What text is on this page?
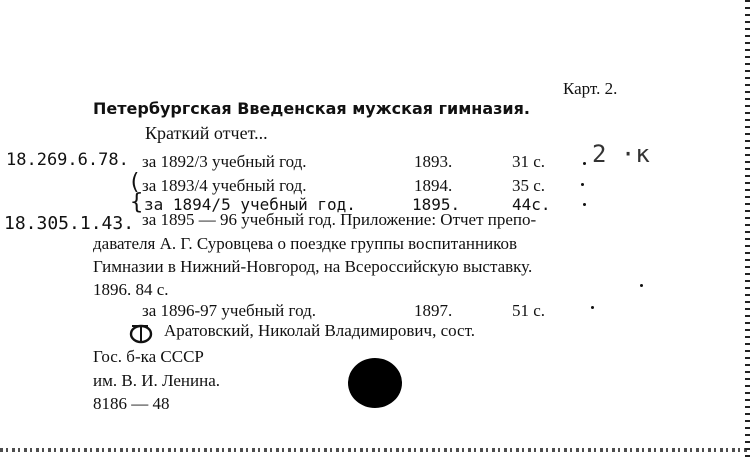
Карт. 2.
Петербургская Введенская мужская гимназия.
Краткий отчет...
18.269.6.78. за 1892/3 учебный год.	1893.	31 с. 2 ·к
( за 1893/4 учебный год.	1894.	35 с.
{ за 1894/5 учебный год.	1895.	44с.
18.305.1.43. за 1895 — 96 учебный год. Приложение: Отчет препо-
давателя А. Г. Суровцева о поездке группы воспитанников
Гимназии в Нижний-Новгород, на Всероссийскую выставку.
1896. 84 с.
за 1896-97 учебный год.	1897.	51 с.
Аратовский, Николай Владимирович, сост.
Гос. б-ка СССР
им. В. И. Ленина.
8186 — 48
